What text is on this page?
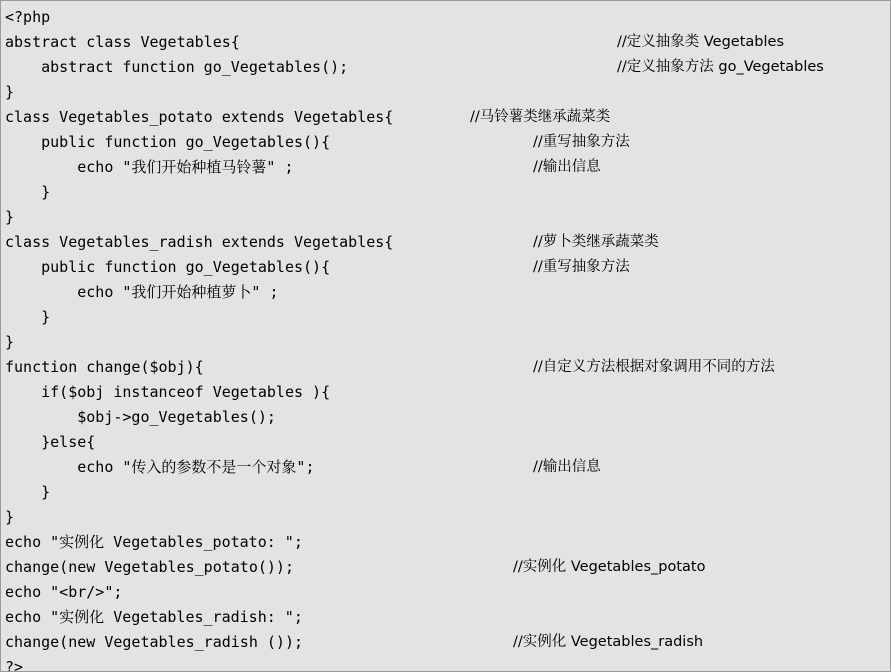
<?php
abstract class Vegetables{	//定义抽象类 Vegetables
abstract function go_Vegetables();	//定义抽象方法 go_Vegetables
}
class Vegetables_potato extends Vegetables{	//马铃薯类继承蔬菜类
public function go_Vegetables(){	//重写抽象方法
echo "我们开始种植马铃薯" ;	//输出信息
}
}
class Vegetables_radish extends Vegetables{	//萝卜类继承蔬菜类
public function go_Vegetables(){	//重写抽象方法
echo "我们开始种植萝卜" ;
}
}
function change($obj){	//自定义方法根据对象调用不同的方法
if($obj instanceof Vegetables ){
$obj->go_Vegetables();
}else{
echo "传入的参数不是一个对象";	//输出信息
}
}
echo "实例化 Vegetables_potato: ";
change(new Vegetables_potato());	//实例化 Vegetables_potato
echo "<br/>";
echo "实例化 Vegetables_radish: ";
change(new Vegetables_radish ());	//实例化 Vegetables_radish
?>
